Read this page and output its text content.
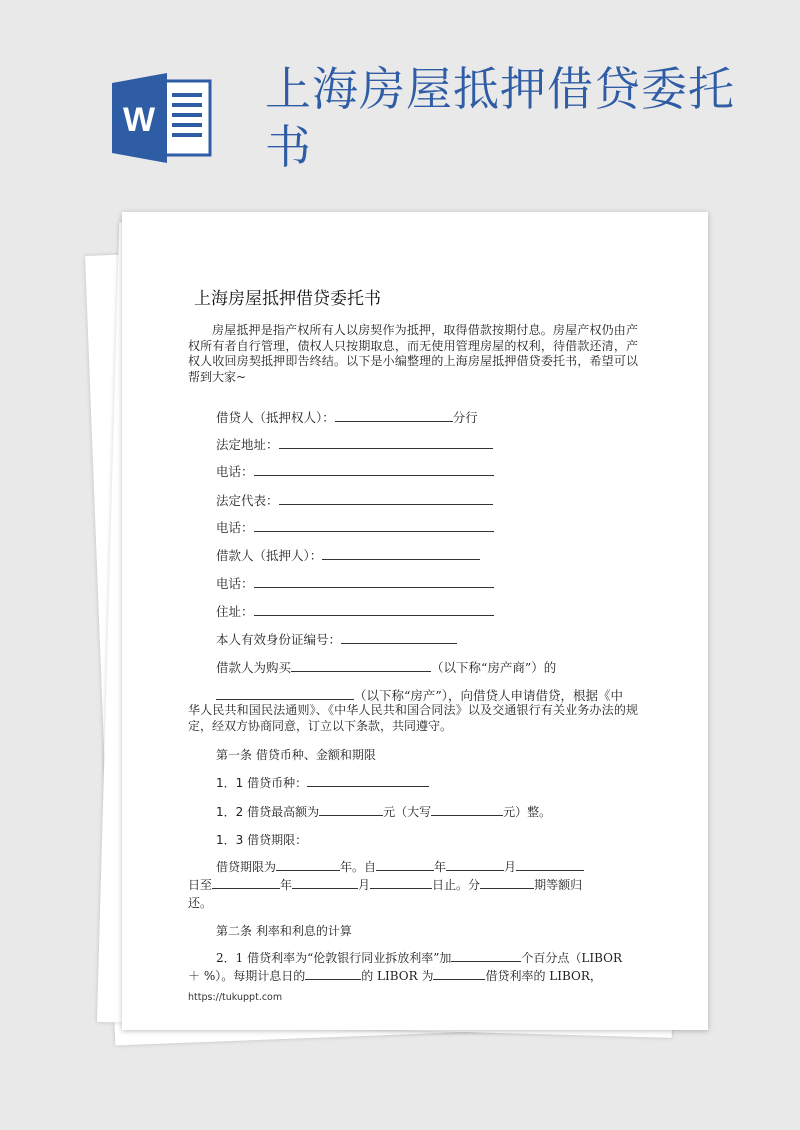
W
上海房屋抵押借贷委托书
上海房屋抵押借贷委托书
房屋抵押是指产权所有人以房契作为抵押，取得借款按期付息。房屋产权仍由产权所有者自行管理，债权人只按期取息，而无使用管理房屋的权利，待借款还清，产权人收回房契抵押即告终结。以下是小编整理的上海房屋抵押借贷委托书，希望可以帮到大家~
借贷人（抵押权人）：	分行
法定地址：
电话：
法定代表：
电话：
借款人（抵押人）：
电话：
住址：
本人有效身份证编号：
借款人为购买	（以下称“房产商”）的
（以下称“房产”），向借贷人申请借贷，根据《中
华人民共和国民法通则》、《中华人民共和国合同法》以及交通银行有关业务办法的规定，经双方协商同意，订立以下条款，共同遵守。
第一条 借贷币种、金额和期限
1．1 借贷币种：
1．2 借贷最高额为	元（大写	元）整。
1．3 借贷期限：
借贷期限为	年。自	年	月
日至	年	月	日止。分	期等额归
还。
第二条 利率和利息的计算
2．1 借贷利率为“伦敦银行同业拆放利率”加	个百分点（LIBOR
＋ %）。每期计息日的	的 LIBOR 为	借贷利率的 LIBOR，
https://tukuppt.com
